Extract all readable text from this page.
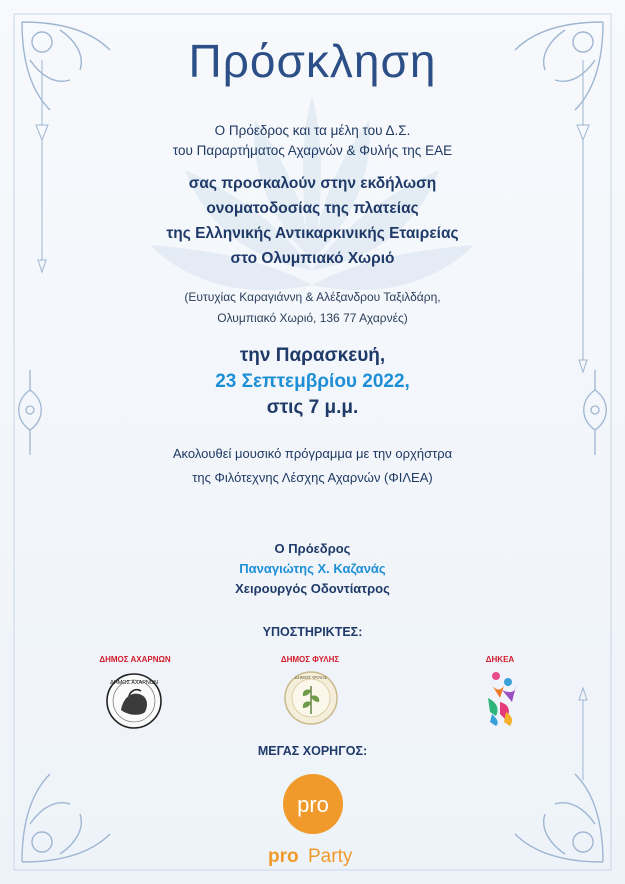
Πρόσκληση
Ο Πρόεδρος και τα μέλη του Δ.Σ.
του Παραρτήματος Αχαρνών & Φυλής της ΕΑΕ
σας προσκαλούν στην εκδήλωση
ονοματοδοσίας της πλατείας
της Ελληνικής Αντικαρκινικής Εταιρείας
στο Ολυμπιακό Χωριό
(Ευτυχίας Καραγιάννη & Αλέξανδρου Ταξιλδάρη,
Ολυμπιακό Χωριό, 136 77 Αχαρνές)
την Παρασκευή,
23 Σεπτεμβρίου 2022,
στις 7 μ.μ.
Ακολουθεί μουσικό πρόγραμμα με την ορχήστρα
της Φιλότεχνης Λέσχης Αχαρνών (ΦΙΛΕΑ)
Ο Πρόεδρος
Παναγιώτης Χ. Καζανάς
Χειρουργός Οδοντίατρος
ΥΠΟΣΤΗΡΙΚΤΕΣ:
ΔΗΜΟΣ ΑΧΑΡΝΩΝ	ΔΗΜΟΣ ΦΥΛΗΣ	ΔΗΚΕΑ
ΔΗΜΟΣ ΑΧΑΡΝΩΝ
ΔΗΜΟΣ ΦΥΛΗΣ
ΜΕΓΑΣ ΧΟΡΗΓΟΣ:
pro
pro Party
